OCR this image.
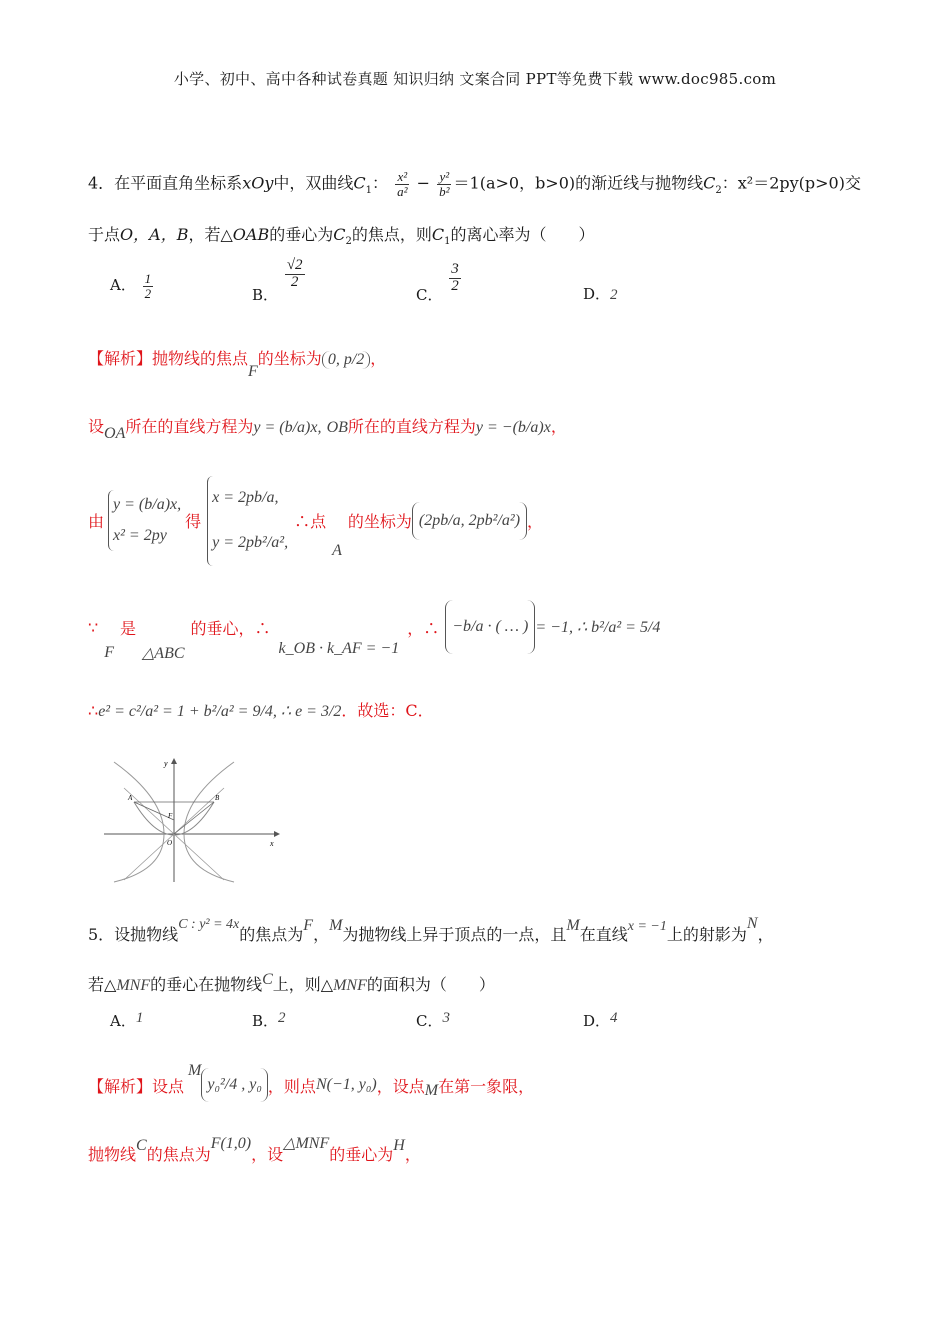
小学、初中、高中各种试卷真题 知识归纳 文案合同 PPT等免费下载 www.doc985.com
4．在平面直角坐标系xOy中，双曲线$C_1$： $\frac{\text{x²}}{\text{a²}} - \frac{\text{y²}}{\text{b²}} =1(a>0$，b>0)的渐近线与抛物线$C_2$：x²＝2py(p>0)交
于点O，A，B，若△OAB的垂心为$C_2$的焦点，则$C_1$的离心率为（　　）
A． $\frac{1}{2}$	B．
$\frac{√2}{2}$
C．
$\frac{3}{2}$	D．2
【解析】抛物线的焦点F的坐标为 0, p/2 ，
设OA所在的直线方程为y = (b/a)x, OB所在的直线方程为y = −(b/a)x，
由
y = (b/a)x,
x² = 2py
得
x = 2pb/a,
y = 2pb²/a²,
∴点
A
的坐标为 (2pb/a, 2pb²/a²) ，
∵
F
是
△ABC
的垂心，∴
k_OB · k_AF = −1
，∴ −b/a · ( … ) = −1, ∴ b²/a² = 5/4
∴e² = c²/a² = 1 + b²/a² = 9/4, ∴ e = 3/2．故选：C．
A	B
F
O	x
y
5．设抛物线C : y² = 4x的焦点为F，M为抛物线上异于顶点的一点，且M在直线x = −1上的射影为N，
若△MNF的垂心在抛物线C上，则△MNF的面积为（　　）
A．1	B．2	C．3	D．4
【解析】设点
M
y₀²/4 , y₀ ，则点 N(−1, y₀) ，设点 M 在第一象限，
抛物线C的焦点为F(1,0)，设△MNF的垂心为H，
